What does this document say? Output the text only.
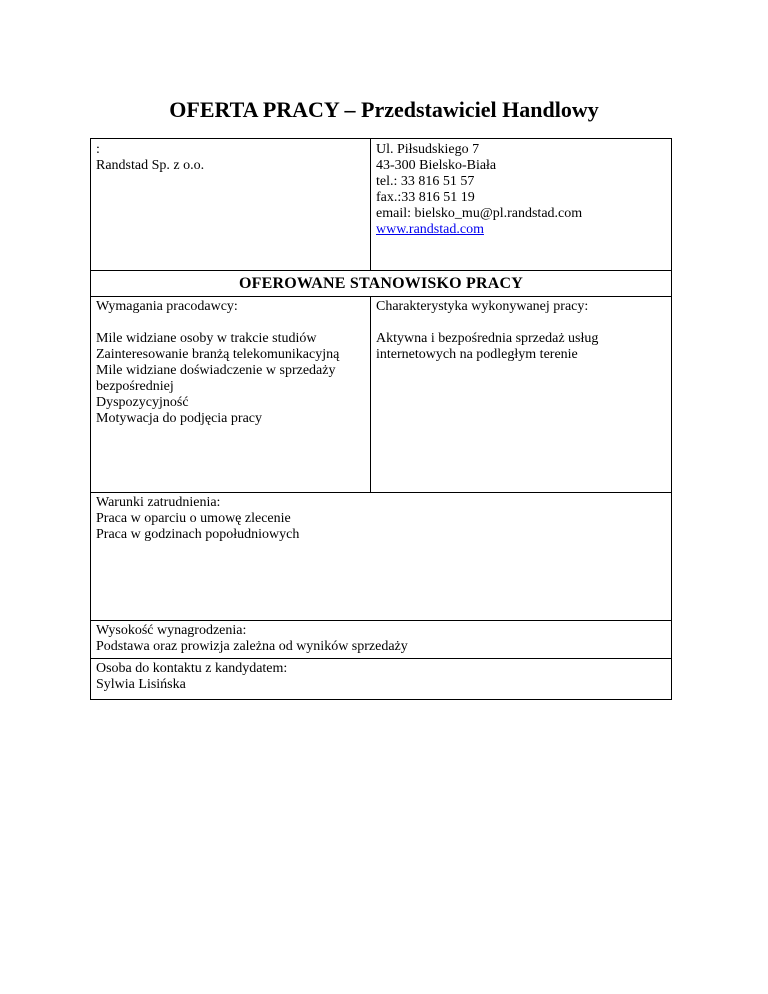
OFERTA PRACY – Przedstawiciel Handlowy
:
Randstad Sp. z o.o.
Ul. Piłsudskiego 7
43-300 Bielsko-Biała
tel.: 33 816 51 57
fax.:33 816 51 19
email: bielsko_mu@pl.randstad.com
www.randstad.com
OFEROWANE STANOWISKO PRACY
Wymagania pracodawcy:
Mile widziane osoby w trakcie studiów
Zainteresowanie branżą telekomunikacyjną
Mile widziane doświadczenie w sprzedaży
bezpośredniej
Dyspozycyjność
Motywacja do podjęcia pracy
Charakterystyka wykonywanej pracy:
Aktywna i bezpośrednia sprzedaż usług
internetowych na podległym terenie
Warunki zatrudnienia:
Praca w oparciu o umowę zlecenie
Praca w godzinach popołudniowych
Wysokość wynagrodzenia:
Podstawa oraz prowizja zależna od wyników sprzedaży
Osoba do kontaktu z kandydatem:
Sylwia Lisińska
